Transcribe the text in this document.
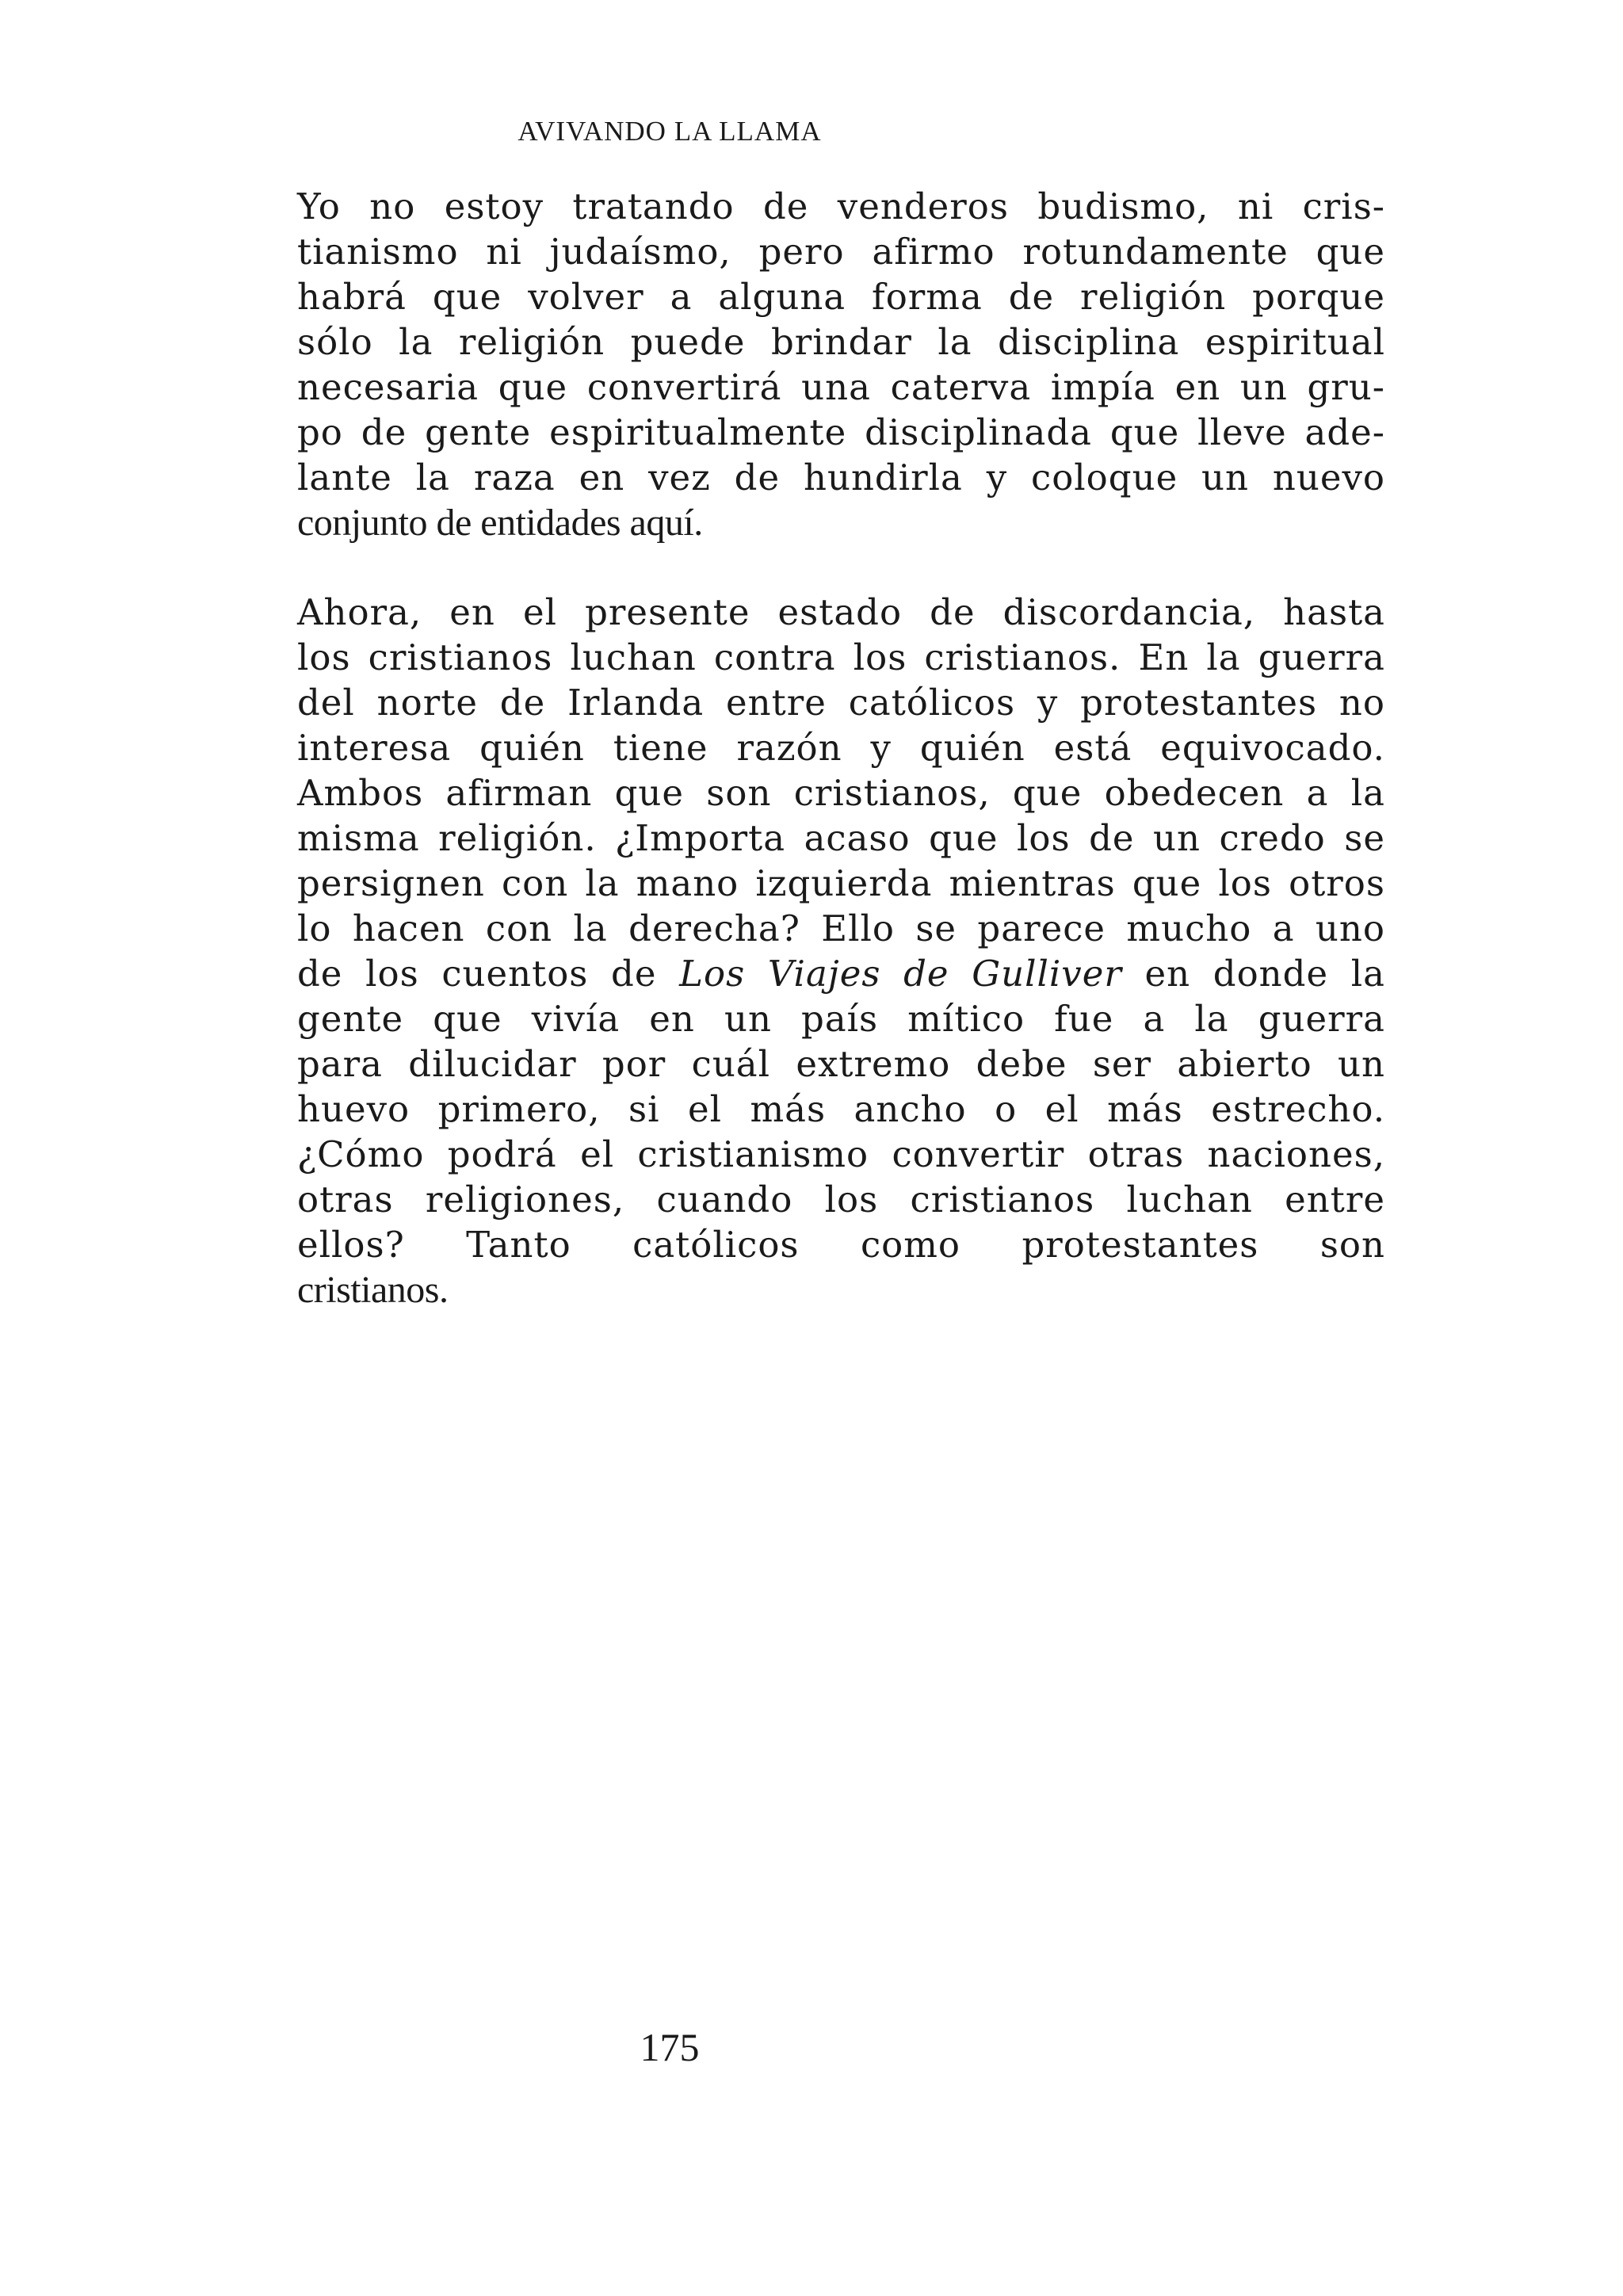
AVIVANDO LA LLAMA
Yo no estoy tratando de venderos budismo, ni cris-
tianismo ni judaísmo, pero afirmo rotundamente que
habrá que volver a alguna forma de religión porque
sólo la religión puede brindar la disciplina espiritual
necesaria que convertirá una caterva impía en un gru-
po de gente espiritualmente disciplinada que lleve ade-
lante la raza en vez de hundirla y coloque un nuevo
conjunto de entidades aquí.
Ahora, en el presente estado de discordancia, hasta
los cristianos luchan contra los cristianos. En la guerra
del norte de Irlanda entre católicos y protestantes no
interesa quién tiene razón y quién está equivocado.
Ambos afirman que son cristianos, que obedecen a la
misma religión. ¿Importa acaso que los de un credo se
persignen con la mano izquierda mientras que los otros
lo hacen con la derecha? Ello se parece mucho a uno
de los cuentos de Los Viajes de Gulliver en donde la
gente que vivía en un país mítico fue a la guerra
para dilucidar por cuál extremo debe ser abierto un
huevo primero, si el más ancho o el más estrecho.
¿Cómo podrá el cristianismo convertir otras naciones,
otras religiones, cuando los cristianos luchan entre
ellos? Tanto católicos como protestantes son
cristianos.
175
